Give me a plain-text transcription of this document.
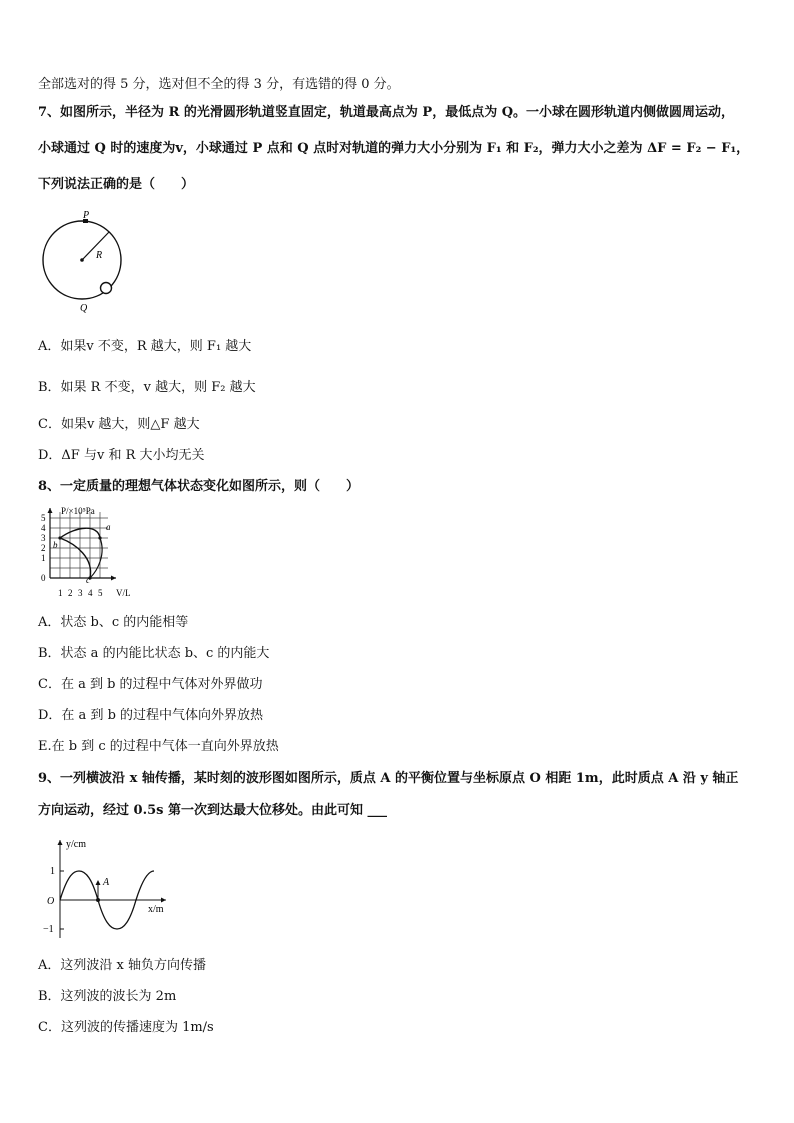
全部选对的得 5 分，选对但不全的得 3 分，有选错的得 0 分。
7、如图所示，半径为 R 的光滑圆形轨道竖直固定，轨道最高点为 P，最低点为 Q。一小球在圆形轨道内侧做圆周运动，
小球通过 Q 时的速度为v，小球通过 P 点和 Q 点时对轨道的弹力大小分别为 F₁ 和 F₂，弹力大小之差为 ΔF = F₂ − F₁，
下列说法正确的是（　　）
P
R
Q
A．如果v 不变，R 越大，则 F₁ 越大
B．如果 R 不变，v 越大，则 F₂ 越大
C．如果v 越大，则△F 越大
D．ΔF 与v 和 R 大小均无关
8、一定质量的理想气体状态变化如图所示，则（　　）
P/×10⁵Pa
a
b
c
5
4
3
2
1
0
1 2 3 4 5 V/L
A．状态 b、c 的内能相等
B．状态 a 的内能比状态 b、c 的内能大
C．在 a 到 b 的过程中气体对外界做功
D．在 a 到 b 的过程中气体向外界放热
E.在 b 到 c 的过程中气体一直向外界放热
9、一列横波沿 x 轴传播，某时刻的波形图如图所示，质点 A 的平衡位置与坐标原点 O 相距 1m，此时质点 A 沿 y 轴正
方向运动，经过 0.5s 第一次到达最大位移处。由此可知 ___
y/cm
x/m
1
O
−1
A
A．这列波沿 x 轴负方向传播
B．这列波的波长为 2m
C．这列波的传播速度为 1m/s
